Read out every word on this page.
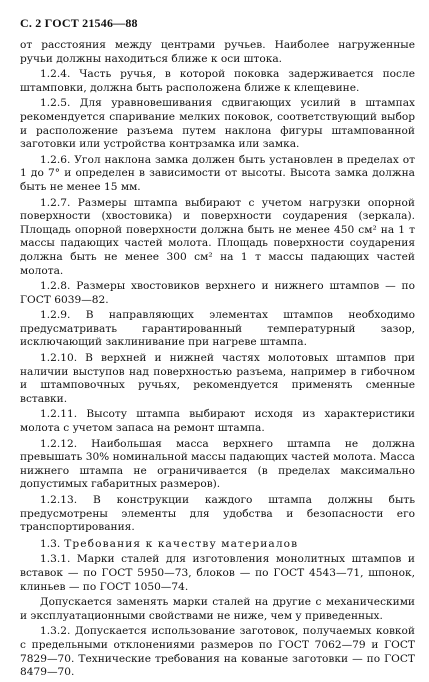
С. 2 ГОСТ 21546—88

от расстояния между центрами ручьев. Наиболее нагруженные ручьи должны находиться ближе к оси штока.

1.2.4. Часть ручья, в которой поковка задерживается после штамповки, должна быть расположена ближе к клещевине.

1.2.5. Для уравновешивания сдвигающих усилий в штампах рекомендуется спаривание мелких поковок, соответствующий выбор и расположение разъема путем наклона фигуры штампованной заготовки или устройства контрзамка или замка.

1.2.6. Угол наклона замка должен быть установлен в пределах от 1 до 7° и определен в зависимости от высоты. Высота замка должна быть не менее 15 мм.

1.2.7. Размеры штампа выбирают с учетом нагрузки опорной поверхности (хвостовика) и поверхности соударения (зеркала). Площадь опорной поверхности должна быть не менее 450 см² на 1 т массы падающих частей молота. Площадь поверхности соударения должна быть не менее 300 см² на 1 т массы падающих частей молота.

1.2.8. Размеры хвостовиков верхнего и нижнего штампов — по ГОСТ 6039—82.

1.2.9. В направляющих элементах штампов необходимо предусматривать гарантированный температурный зазор, исключающий заклинивание при нагреве штампа.

1.2.10. В верхней и нижней частях молотовых штампов при наличии выступов над поверхностью разъема, например в гибочном и штамповочных ручьях, рекомендуется применять сменные вставки.

1.2.11. Высоту штампа выбирают исходя из характеристики молота с учетом запаса на ремонт штампа.

1.2.12. Наибольшая масса верхнего штампа не должна превышать 30% номинальной массы падающих частей молота. Масса нижнего штампа не ограничивается (в пределах максимально допустимых габаритных размеров).

1.2.13. В конструкции каждого штампа должны быть предусмотрены элементы для удобства и безопасности его транспортирования.

1.3. Требования к качеству материалов

1.3.1. Марки сталей для изготовления монолитных штампов и вставок — по ГОСТ 5950—73, блоков — по ГОСТ 4543—71, шпонок, клиньев — по ГОСТ 1050—74.

Допускается заменять марки сталей на другие с механическими и эксплуатационными свойствами не ниже, чем у приведенных.

1.3.2. Допускается использование заготовок, получаемых ковкой с предельными отклонениями размеров по ГОСТ 7062—79 и ГОСТ 7829—70. Технические требования на кованые заготовки — по ГОСТ 8479—70.
